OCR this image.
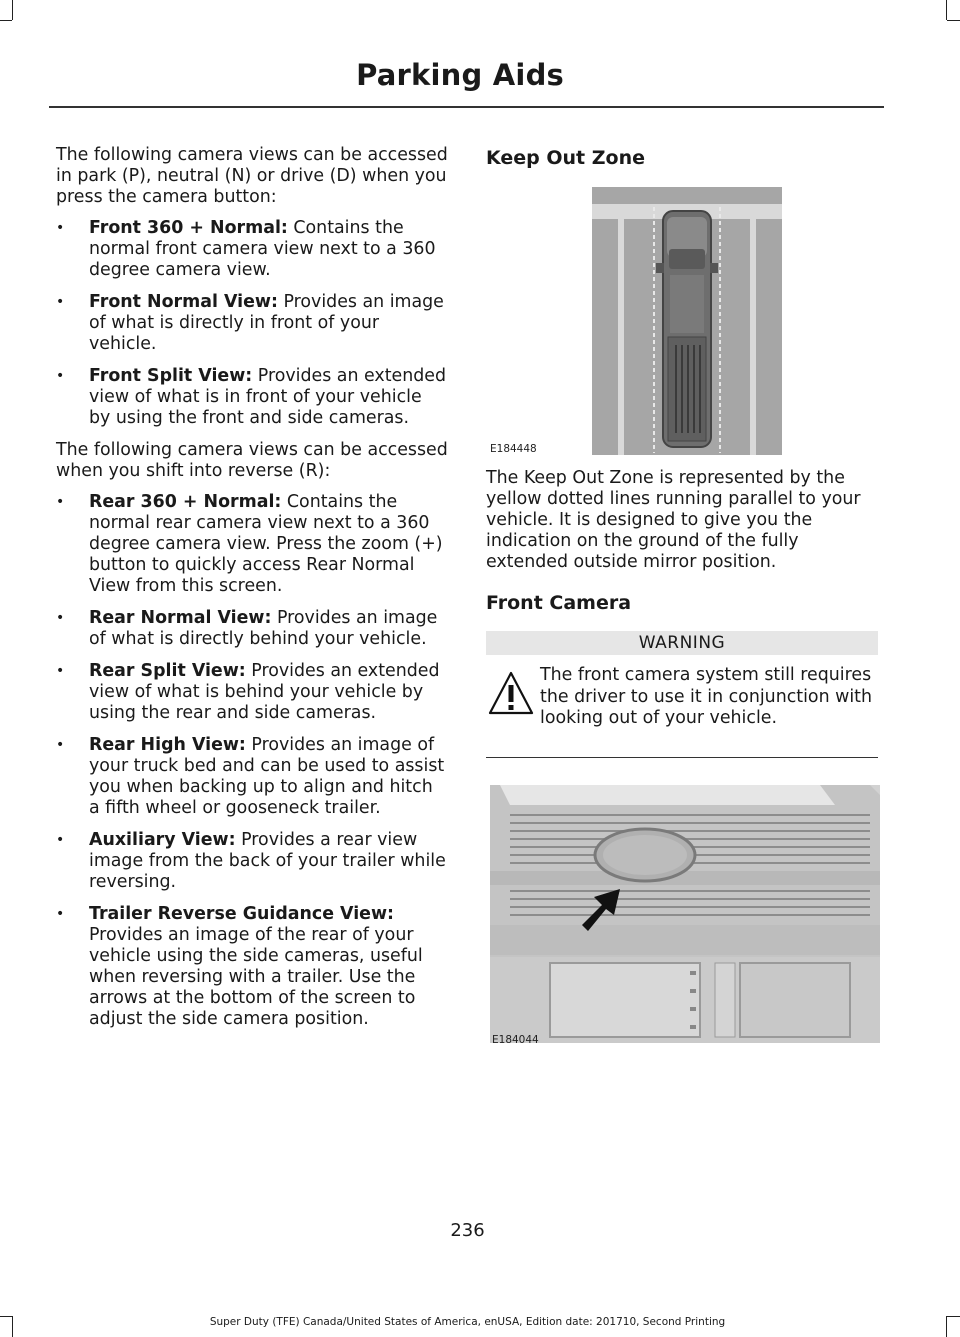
Parking Aids

The following camera views can be accessed in park (P), neutral (N) or drive (D) when you press the camera button:

• Front 360 + Normal: Contains the normal front camera view next to a 360 degree camera view.
• Front Normal View: Provides an image of what is directly in front of your vehicle.
• Front Split View: Provides an extended view of what is in front of your vehicle by using the front and side cameras.

The following camera views can be accessed when you shift into reverse (R):

• Rear 360 + Normal: Contains the normal rear camera view next to a 360 degree camera view. Press the zoom (+) button to quickly access Rear Normal View from this screen.
• Rear Normal View: Provides an image of what is directly behind your vehicle.
• Rear Split View: Provides an extended view of what is behind your vehicle by using the rear and side cameras.
• Rear High View: Provides an image of your truck bed and can be used to assist you when backing up to align and hitch a fifth wheel or gooseneck trailer.
• Auxiliary View: Provides a rear view image from the back of your trailer while reversing.
• Trailer Reverse Guidance View: Provides an image of the rear of your vehicle using the side cameras, useful when reversing with a trailer. Use the arrows at the bottom of the screen to adjust the side camera position.
Keep Out Zone
E184448

The Keep Out Zone is represented by the yellow dotted lines running parallel to your vehicle. It is designed to give you the indication on the ground of the fully extended outside mirror position.

Front Camera
WARNING
The front camera system still requires the driver to use it in conjunction with looking out of your vehicle.
E184044
236
Super Duty (TFE) Canada/United States of America, enUSA, Edition date: 201710, Second Printing
